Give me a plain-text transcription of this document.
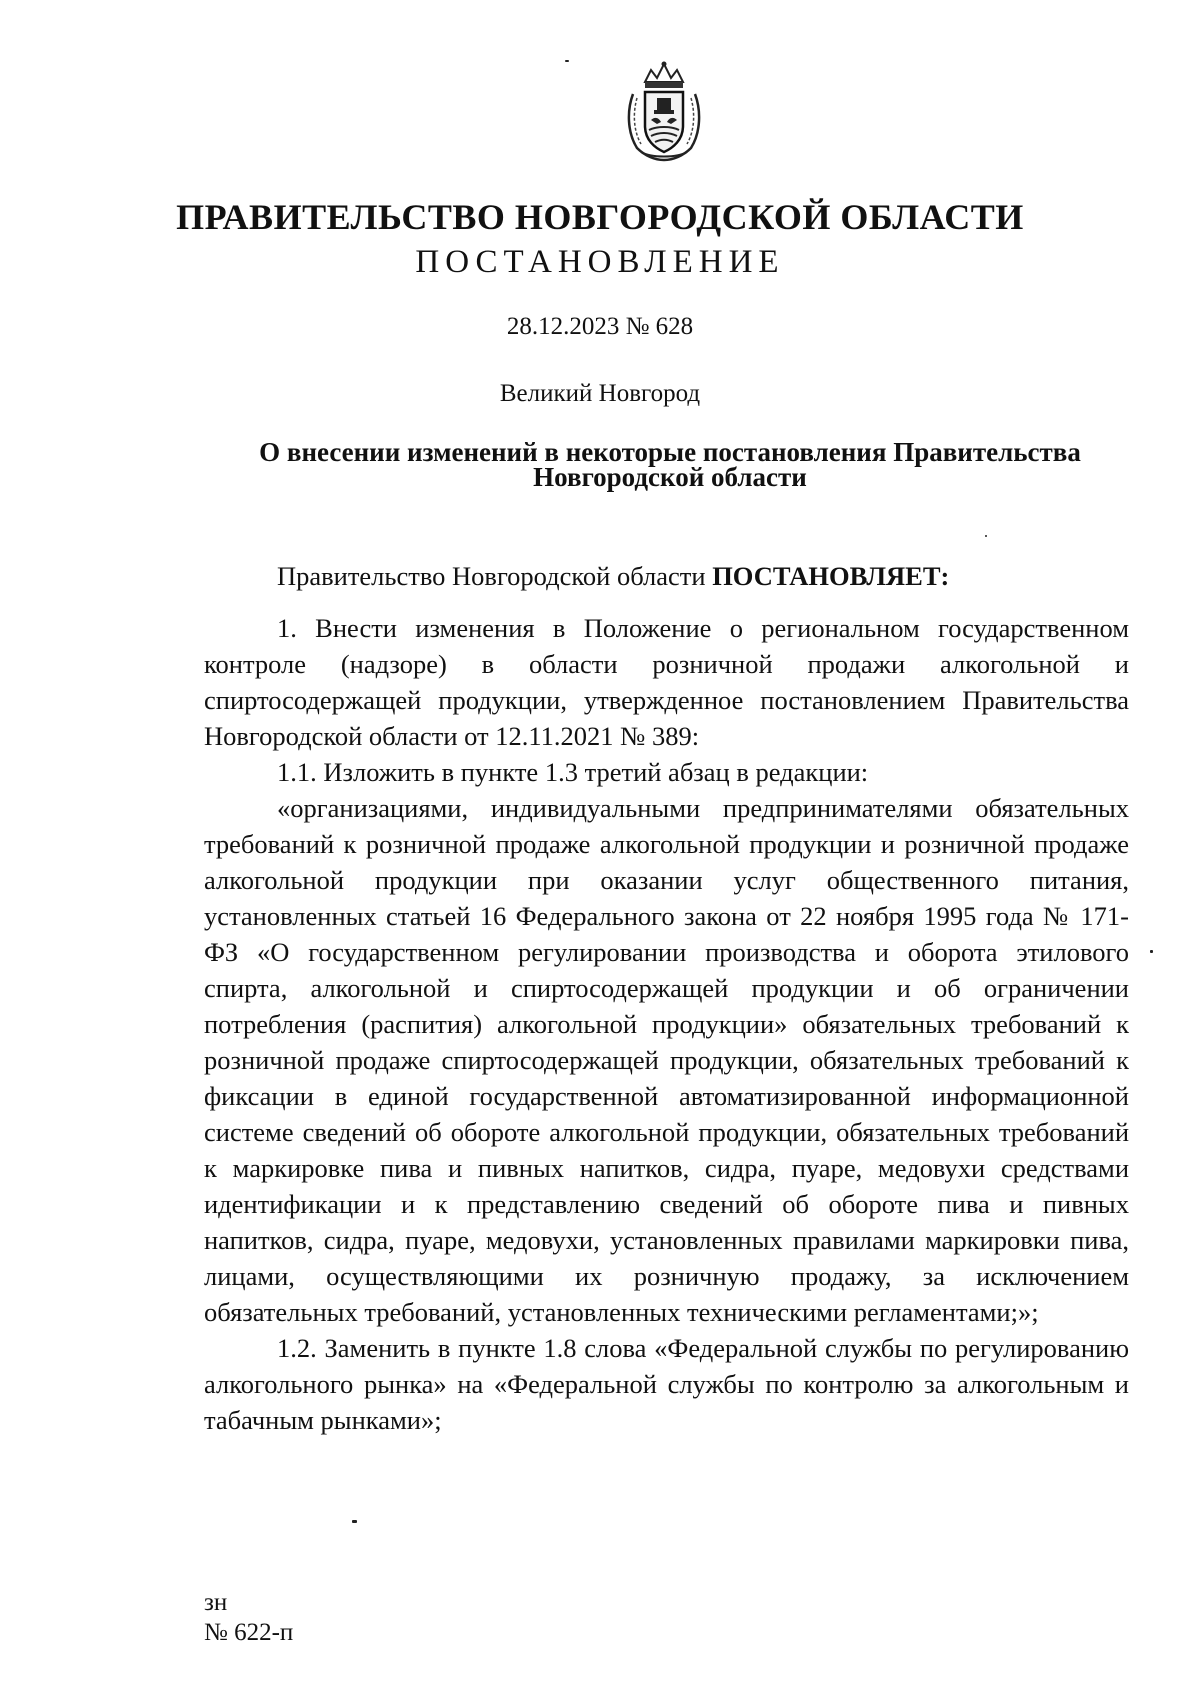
ПРАВИТЕЛЬСТВО НОВГОРОДСКОЙ ОБЛАСТИ
ПОСТАНОВЛЕНИЕ
28.12.2023 № 628
Великий Новгород
О внесении изменений в некоторые постановления Правительства Новгородской области

Правительство Новгородской области ПОСТАНОВЛЯЕТ:

1. Внести изменения в Положение о региональном государственном контроле (надзоре) в области розничной продажи алкогольной и спиртосодержащей продукции, утвержденное постановлением Правительства Новгородской области от 12.11.2021 № 389:

1.1. Изложить в пункте 1.3 третий абзац в редакции:

«организациями, индивидуальными предпринимателями обязательных требований к розничной продаже алкогольной продукции и розничной продаже алкогольной продукции при оказании услуг общественного питания, установленных статьей 16 Федерального закона от 22 ноября 1995 года № 171-ФЗ «О государственном регулировании производства и оборота этилового спирта, алкогольной и спиртосодержащей продукции и об ограничении потребления (распития) алкогольной продукции» обязательных требований к розничной продаже спиртосодержащей продукции, обязательных требований к фиксации в единой государственной автоматизированной информационной системе сведений об обороте алкогольной продукции, обязательных требований к маркировке пива и пивных напитков, сидра, пуаре, медовухи средствами идентификации и к представлению сведений об обороте пива и пивных напитков, сидра, пуаре, медовухи, установленных правилами маркировки пива, лицами, осуществляющими их розничную продажу, за исключением обязательных требований, установленных техническими регламентами;»;

1.2. Заменить в пункте 1.8 слова «Федеральной службы по регулированию алкогольного рынка» на «Федеральной службы по контролю за алкогольным и табачным рынками»;

зн
№ 622-п
